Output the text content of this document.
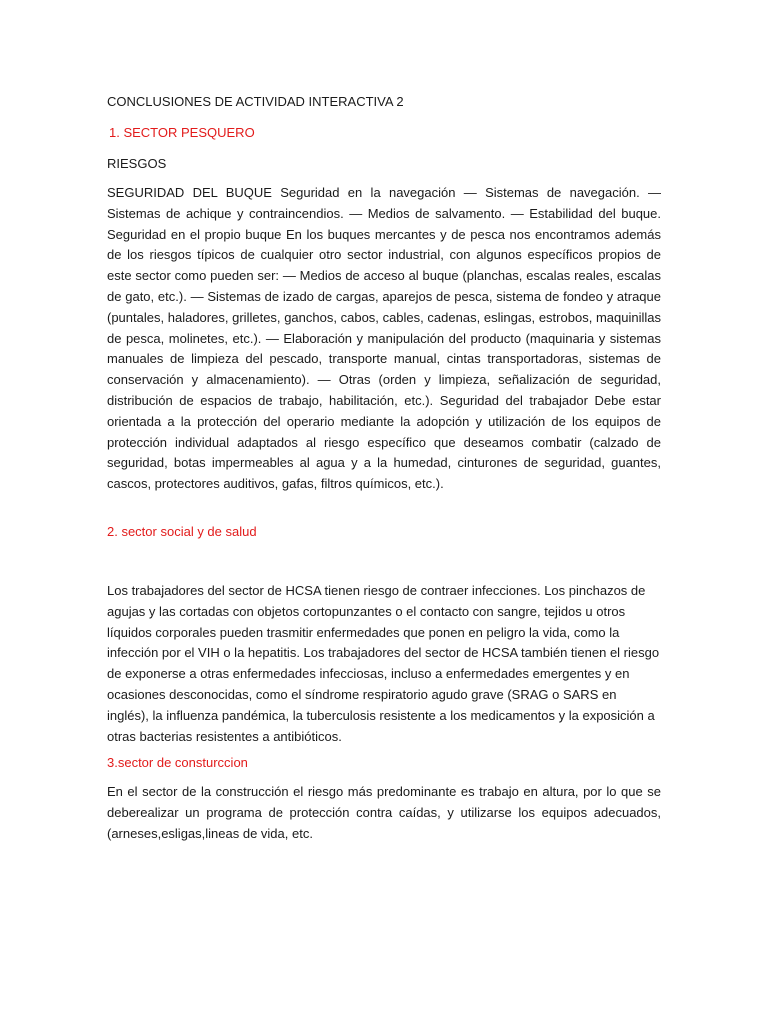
CONCLUSIONES DE ACTIVIDAD INTERACTIVA 2
1. SECTOR PESQUERO
RIESGOS

SEGURIDAD DEL BUQUE Seguridad en la navegación — Sistemas de navegación. — Sistemas de achique y contraincendios. — Medios de salvamento. — Estabilidad del buque. Seguridad en el propio buque En los buques mercantes y de pesca nos encontramos además de los riesgos típicos de cualquier otro sector industrial, con algunos específicos propios de este sector como pueden ser: — Medios de acceso al buque (planchas, escalas reales, escalas de gato, etc.). — Sistemas de izado de cargas, aparejos de pesca, sistema de fondeo y atraque (puntales, haladores, grilletes, ganchos, cabos, cables, cadenas, eslingas, estrobos, maquinillas de pesca, molinetes, etc.). — Elaboración y manipulación del producto (maquinaria y sistemas manuales de limpieza del pescado, transporte manual, cintas transportadoras, sistemas de conservación y almacenamiento). — Otras (orden y limpieza, señalización de seguridad, distribución de espacios de trabajo, habilitación, etc.). Seguridad del trabajador Debe estar orientada a la protección del operario mediante la adopción y utilización de los equipos de protección individual adaptados al riesgo específico que deseamos combatir (calzado de seguridad, botas impermeables al agua y a la humedad, cinturones de seguridad, guantes, cascos, protectores auditivos, gafas, filtros químicos, etc.).

2. sector social y de salud

Los trabajadores del sector de HCSA tienen riesgo de contraer infecciones. Los pinchazos de agujas y las cortadas con objetos cortopunzantes o el contacto con sangre, tejidos u otros líquidos corporales pueden trasmitir enfermedades que ponen en peligro la vida, como la infección por el VIH o la hepatitis. Los trabajadores del sector de HCSA también tienen el riesgo de exponerse a otras enfermedades infecciosas, incluso a enfermedades emergentes y en ocasiones desconocidas, como el síndrome respiratorio agudo grave (SRAG o SARS en inglés), la influenza pandémica, la tuberculosis resistente a los medicamentos y la exposición a otras bacterias resistentes a antibióticos.

3.sector de consturccion

En el sector de la construcción el riesgo más predominante es trabajo en altura, por lo que se deberealizar un programa de protección contra caídas, y utilizarse los equipos adecuados, (arneses,esligas,lineas de vida, etc.
